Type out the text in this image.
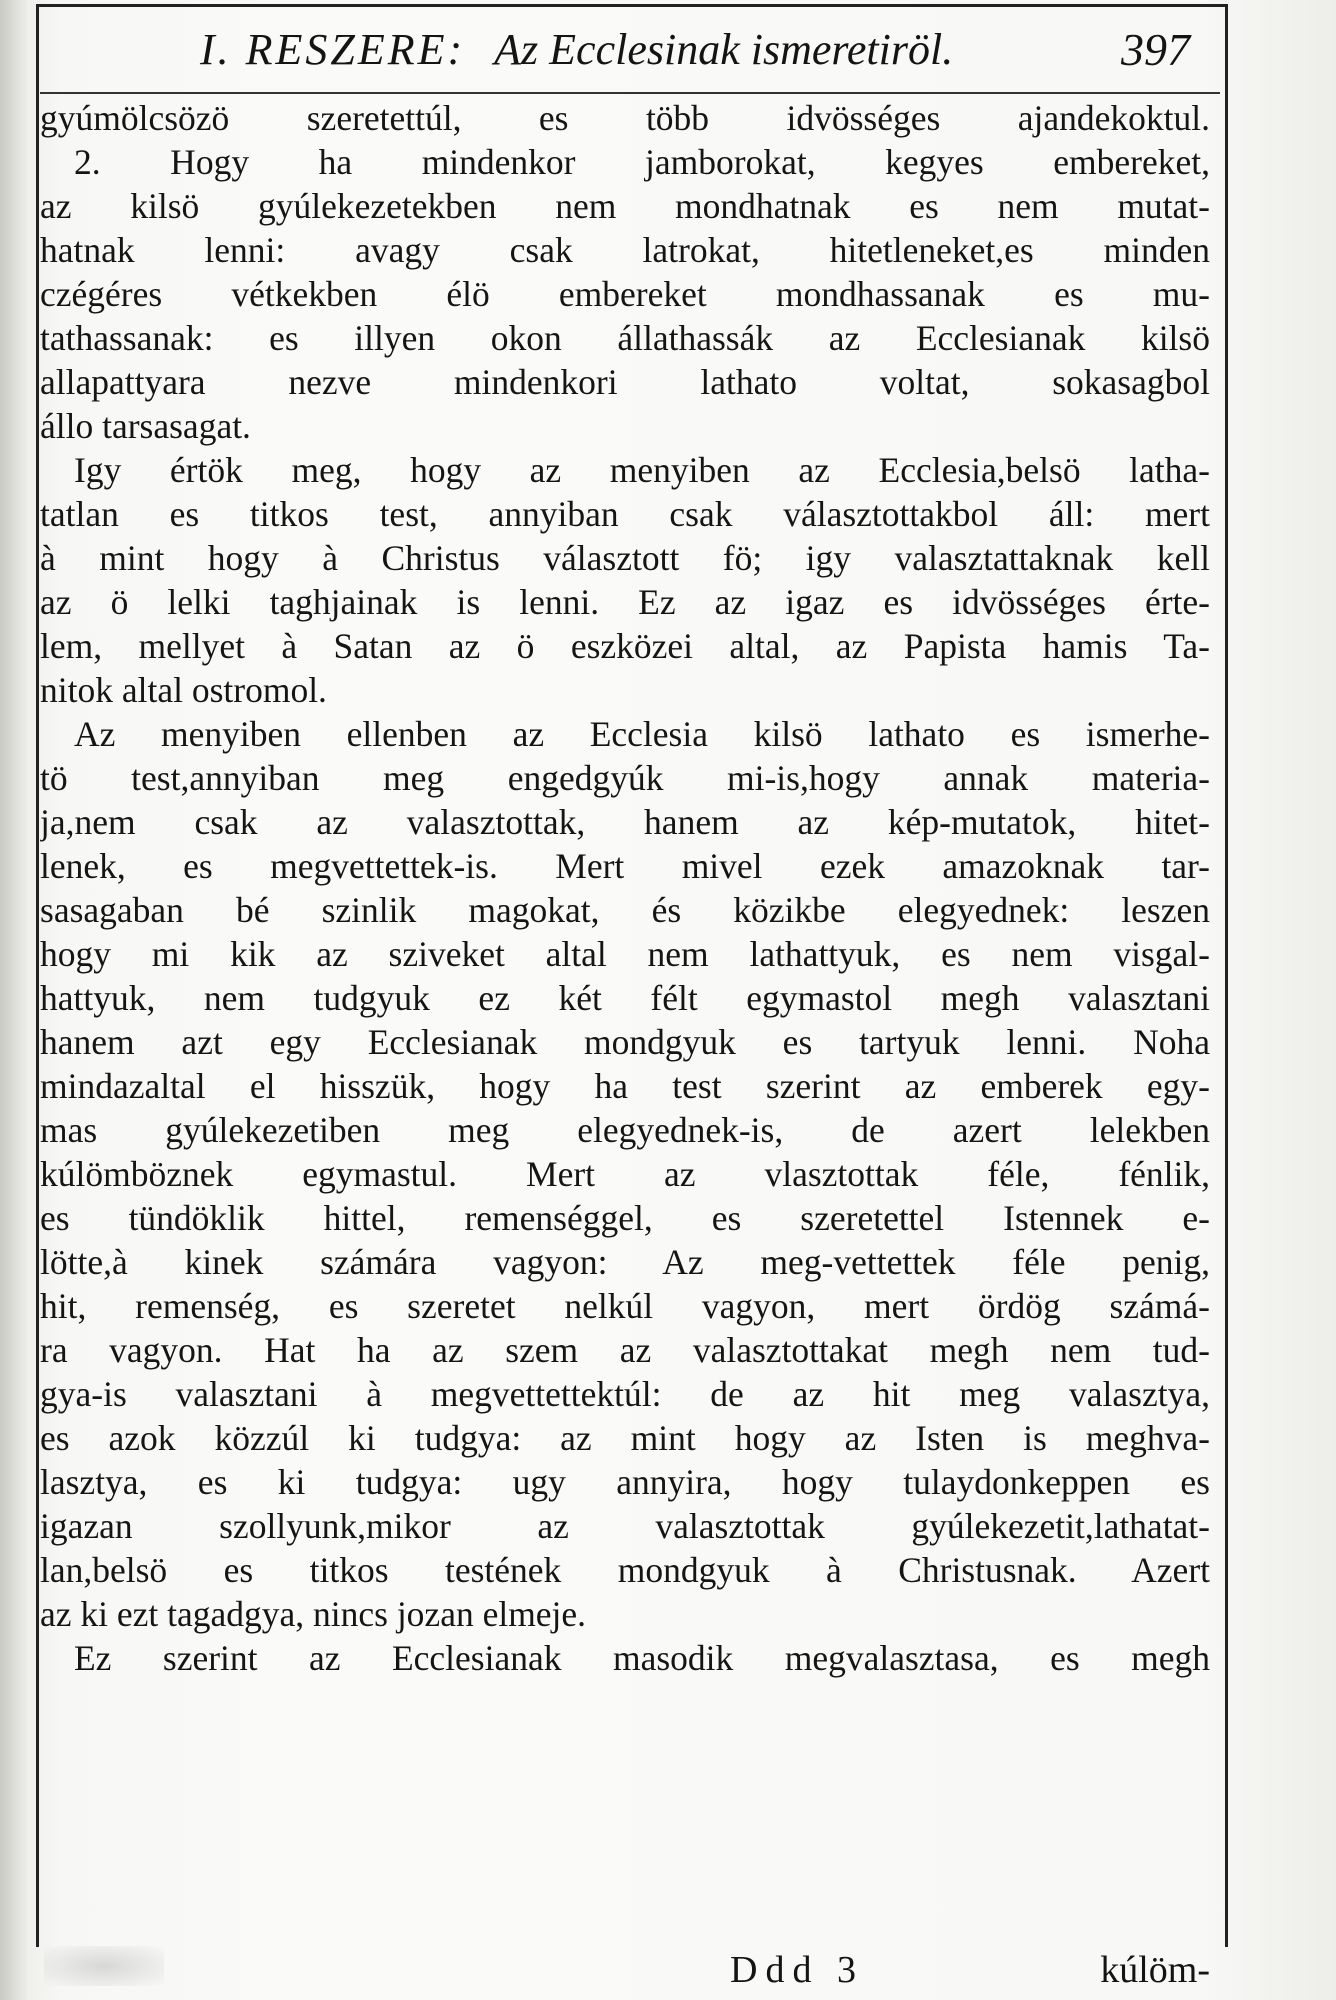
I. RESZERE: Az Ecclesinak ismeretiröl.	397
gyúmölcsözö szeretettúl, es több idvösséges ajandekoktul.
2. Hogy ha mindenkor jamborokat, kegyes embereket,
az kilsö gyúlekezetekben nem mondhatnak es nem mutat-
hatnak lenni: avagy csak latrokat, hitetleneket,es minden
czégéres vétkekben élö embereket mondhassanak es mu-
tathassanak: es illyen okon állathassák az Ecclesianak kilsö
allapattyara nezve mindenkori lathato voltat, sokasagbol
állo tarsasagat.
Igy értök meg, hogy az menyiben az Ecclesia,belsö latha-
tatlan es titkos test, annyiban csak választottakbol áll: mert
à mint hogy à Christus választott fö; igy valasztattaknak kell
az ö lelki taghjainak is lenni. Ez az igaz es idvösséges érte-
lem, mellyet à Satan az ö eszközei altal, az Papista hamis Ta-
nitok altal ostromol.
Az menyiben ellenben az Ecclesia kilsö lathato es ismerhe-
tö test,annyiban meg engedgyúk mi-is,hogy annak materia-
ja,nem csak az valasztottak, hanem az kép-mutatok, hitet-
lenek, es megvettettek-is. Mert mivel ezek amazoknak tar-
sasagaban bé szinlik magokat, és közikbe elegyednek: leszen
hogy mi kik az sziveket altal nem lathattyuk, es nem visgal-
hattyuk, nem tudgyuk ez két félt egymastol megh valasztani
hanem azt egy Ecclesianak mondgyuk es tartyuk lenni. Noha
mindazaltal el hisszük, hogy ha test szerint az emberek egy-
mas gyúlekezetiben meg elegyednek-is, de azert lelekben
kúlömböznek egymastul. Mert az vlasztottak féle, fénlik,
es tündöklik hittel, remenséggel, es szeretettel Istennek e-
lötte,à kinek számára vagyon: Az meg-vettettek féle penig,
hit, remenség, es szeretet nelkúl vagyon, mert ördög számá-
ra vagyon. Hat ha az szem az valasztottakat megh nem tud-
gya-is valasztani à megvettettektúl: de az hit meg valasztya,
es azok közzúl ki tudgya: az mint hogy az Isten is meghva-
lasztya, es ki tudgya: ugy annyira, hogy tulaydonkeppen es
igazan szollyunk,mikor az valasztottak gyúlekezetit,lathatat-
lan,belsö es titkos testének mondgyuk à Christusnak. Azert
az ki ezt tagadgya, nincs jozan elmeje.
Ez szerint az Ecclesianak masodik megvalasztasa, es megh
Ddd 3	kúlöm-
